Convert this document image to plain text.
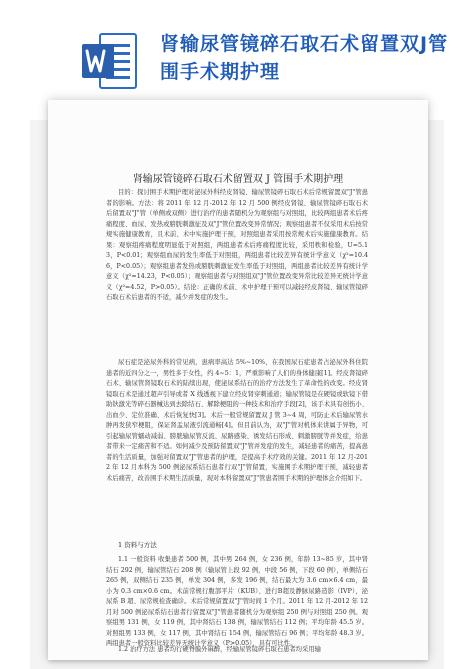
肾输尿管镜碎石取石术留置双J管围手术期护理
肾输尿管镜碎石取石术留置双 J 管围手术期护理

目的：探讨围手术期护理对泌尿外科经皮肾镜、输尿管镜碎石取石术后常规留置双"J"管患者的影响。方法：将 2011 年 12 月-2012 年 12 月 500 例经皮肾镜、输尿管镜碎石取石术后留置双"J"管（单侧或双侧）进行治疗的患者随机分为观察组与对照组，比较两组患者术后疼痛程度、血尿、发热或膀胱刺激征及双"J"管位置改变异常情况；观察组患者不仅采用术后按常规实施健康教育，且术前、术中实施护理干预，对照组患者采用按常规术后实施健康教育。结果：观察组疼痛程度明显低于对照组，两组患者术后疼痛程度比较，采用秩和检验，U=5.13，P<0.01；观察组血尿的发生率低于对照组，两组患者比较差异有统计学意义（χ²=10.46，P<0.05）；观察组患者发热或膀胱刺激征发生率低于对照组，两组患者比较差异有统计学意义（χ²=14.23，P<0.05）；观察组患者与对照组双"J"管位置改变异常比较差异无统计学意义（χ²=4.52，P>0.05）。结论：正确的术前、术中护理干预可以减轻经皮肾镜、输尿管镜碎石取石术后患者的不适，减少并发症的发生。

尿石症是泌尿外科的常见病，患病率高达 5%~10%，在我国尿石症患者占泌尿外科住院患者的近四分之一，男性多于女性，约 4~5：1，严重影响了人们的身体健康[1]。经皮肾镜碎石术、输尿管肾镜取石术的陆续出现，使泌尿系结石的治疗方法发生了革命性的改变。经皮肾镜取石术是通过超声引导或者 X 线透视下建立经皮肾穿刺通道；输尿管镜是在硬镜或软镜下借助钬激光等碎石器械达到去除结石、解除梗阻的一种技术和治疗手段[2]，该手术具有创伤小、出血少、定位准确、术后恢复快[3]。术后一般常规留置双 J 管 3~4 周，可防止术后输尿管水肿再发狭窄梗阻，保证肾盂尿液引流通畅[4]。但目前认为，双"J"管对机体来讲属于异物，可引起输尿管蠕动减弱、膀胱输尿管反流、尿路感染、诱发结石形成、刺激膀胱等并发症，给患者带来一定痛苦和不适。如何减少及预防留置双"J"管并发症的发生，减轻患者的痛苦，提高患者的生活质量，加强对留置双"J"管患者的护理，是提高手术疗效的关键。2011 年 12 月-2012 年 12 月本科为 500 例泌尿系结石患者行双"J"管留置，实施围手术期护理干预，减轻患者术后痛苦，改善围手术期生活质量，现对本科留置双"J"管患者围手术期的护理体会介绍如下。

1 资料与方法

1.1 一般资料 收集患者 500 例，其中男 264 例，女 236 例，年龄 13~85 岁，其中肾结石 292 例，输尿管结石 208 例（输尿管上段 92 例，中段 56 例，下段 60 例），单侧结石 265 例，双侧结石 235 例，单发 304 例，多发 196 例，结石最大为 3.6 cm×6.4 cm，最小为 0.3 cm×0.6 cm。术前常规行腹部平片（KUB）、进行B超及静脉尿路造影（IVP），泌尿系 B 超、尿常规检查确诊。术后常规留置双"J"管时间 1 个月。2011 年 12 月-2012 年 12 月对 500 例泌尿系结石患者行留置双"J"管患者随机分为观察组 250 例与对照组 250 例。观察组男 131 例，女 119 例，其中肾结石 138 例，输尿管结石 112 例；平均年龄 45.5 岁。对照组男 133 例，女 117 例，其中肾结石 154 例，输尿管结石 96 例；平均年龄 48.3 岁。两组患者一般资料比较差异无统计学意义（P>0.05），具有可比性。

1.2 治疗方法 患者均行硬脊膜外麻醉，经输尿管镜碎石取石患者均采用输
